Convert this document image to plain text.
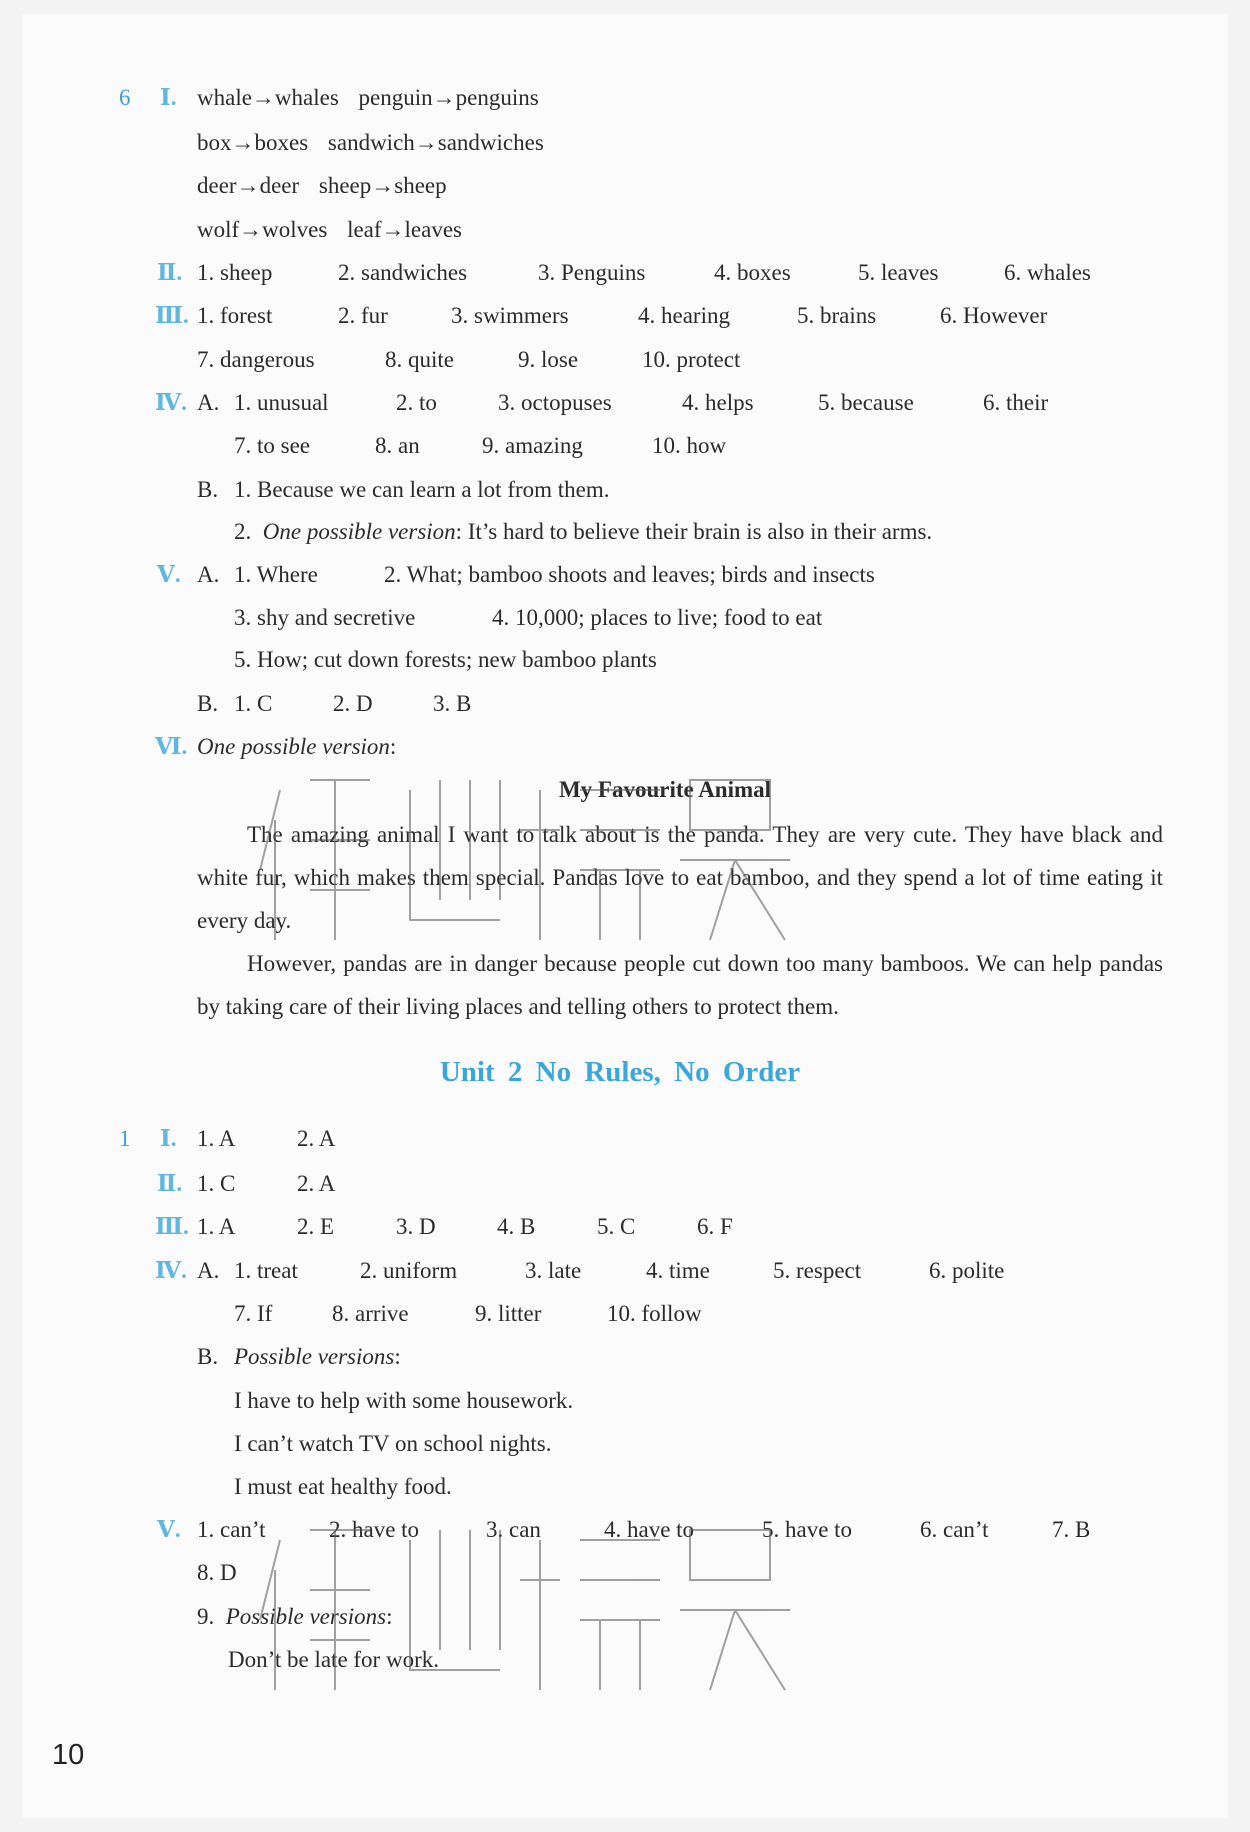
6 Ⅰ. whale→whales penguin→penguins
box→boxes sandwich→sandwiches
deer→deer sheep→sheep
wolf→wolves leaf→leaves
Ⅱ. 1. sheep	2. sandwiches	3. Penguins	4. boxes	5. leaves	6. whales
Ⅲ. 1. forest	2. fur	3. swimmers	4. hearing	5. brains	6. However
7. dangerous	8. quite	9. lose	10. protect
Ⅳ. A. 1. unusual	2. to	3. octopuses	4. helps	5. because	6. their
7. to see	8. an	9. amazing	10. how
B. 1. Because we can learn a lot from them.
2. One possible version: It’s hard to believe their brain is also in their arms.
Ⅴ. A. 1. Where	2. What; bamboo shoots and leaves; birds and insects
3. shy and secretive	4. 10,000; places to live; food to eat
5. How; cut down forests; new bamboo plants
B. 1. C	2. D	3. B
Ⅵ. One possible version:
My Favourite Animal
The amazing animal I want to talk about is the panda. They are very cute. They have black and white fur, which makes them special. Pandas love to eat bamboo, and they spend a lot of time eating it every day.
However, pandas are in danger because people cut down too many bamboos. We can help pandas by taking care of their living places and telling others to protect them.
Unit 2 No Rules, No Order
1 Ⅰ. 1. A	2. A
Ⅱ. 1. C	2. A
Ⅲ. 1. A	2. E	3. D	4. B	5. C	6. F
Ⅳ. A. 1. treat	2. uniform	3. late	4. time	5. respect	6. polite
7. If	8. arrive	9. litter	10. follow
B. Possible versions:
I have to help with some housework.
I can’t watch TV on school nights.
I must eat healthy food.
Ⅴ. 1. can’t	2. have to	3. can	4. have to	5. have to	6. can’t	7. B
8. D
9. Possible versions:
Don’t be late for work.
10
